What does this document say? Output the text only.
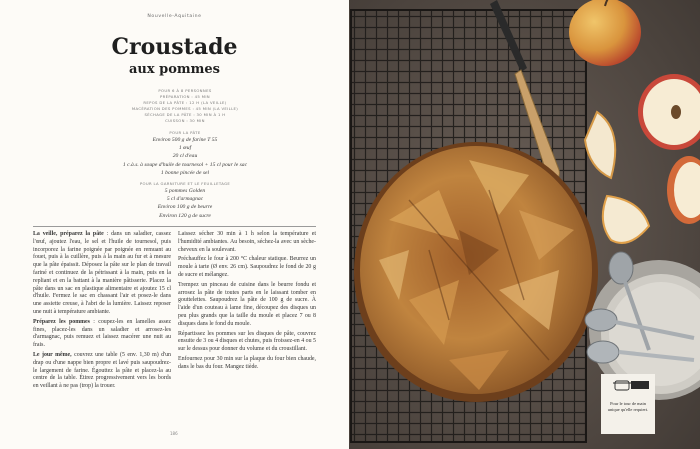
Nouvelle-Aquitaine
Croustade
aux pommes
POUR 6 À 8 PERSONNES
PRÉPARATION : 45 MIN
REPOS DE LA PÂTE : 12 H (LA VEILLE)
MACÉRATION DES POMMES : 45 MIN (LA VEILLE)
SÉCHAGE DE LA PÂTE : 30 MIN À 1 H
CUISSON : 30 MIN
POUR LA PÂTE
Environ 500 g de farine T 55
1 œuf
20 cl d'eau
1 c.à.s. à soupe d'huile de tournesol + 15 cl pour le sac
1 bonne pincée de sel
POUR LA GARNITURE ET LE FEUILLETAGE
5 pommes Golden
5 cl d'armagnac
Environ 100 g de beurre
Environ 120 g de sucre

La veille, préparez la pâte : dans un saladier, cassez l'œuf, ajoutez l'eau, le sel et l'huile de tournesol, puis incorporez la farine poignée par poignée en remuant au fouet, puis à la cuillère, puis à la main au fur et à mesure que la pâte épaissit. Déposez la pâte sur le plan de travail fariné et continuez de la pétrissant à la main, puis en la repliant et en la battant à la manière pâtisserie. Placez la pâte dans un sac en plastique alimentaire et ajoutez 15 cl d'huile. Fermez le sac en chassant l'air et posez-le dans une assiette creuse, à l'abri de la lumière. Laissez reposer une nuit à température ambiante.

Préparez les pommes : coupez-les en lamelles assez fines, placez-les dans un saladier et arrosez-les d'armagnac, puis remuez et laissez macérer une nuit au frais.

Le jour même, couvrez une table (5 env. 1,30 m) d'un drap ou d'une nappe bien propre et lavé puis saupoudrez-le largement de farine. Égouttez la pâte et placez-la au centre de la table. Étirez progressivement vers les bords en veillant à ne pas (trop) la trouer.

Laissez sécher 30 min à 1 h selon la température et l'humidité ambiantes. Au besoin, séchez-la avec un sèche-cheveux en la soulevant.

Préchauffez le four à 200 °C chaleur statique. Beurrez un moule à tarte (Ø env. 26 cm). Saupoudrez le fond de 20 g de sucre et mélangez.

Trempez un pinceau de cuisine dans le beurre fondu et arrosez la pâte de toutes parts en le laissant tomber en gouttelettes. Saupoudrez la pâte de 100 g de sucre. À l'aide d'un couteau à lame fine, découpez des disques un peu plus grands que la taille du moule et placez 7 ou 8 disques dans le fond du moule.

Répartissez les pommes sur les disques de pâte, couvrez ensuite de 3 ou 4 disques et chutes, puis froissez-en 4 ou 5 sur le dessus pour donner du volume et du croustillant.

Enfournez pour 30 min sur la plaque du four bien chaude, dans le bas du four. Mangez tiède.

186
Pour le tour de main unique qu'elle requiert.
